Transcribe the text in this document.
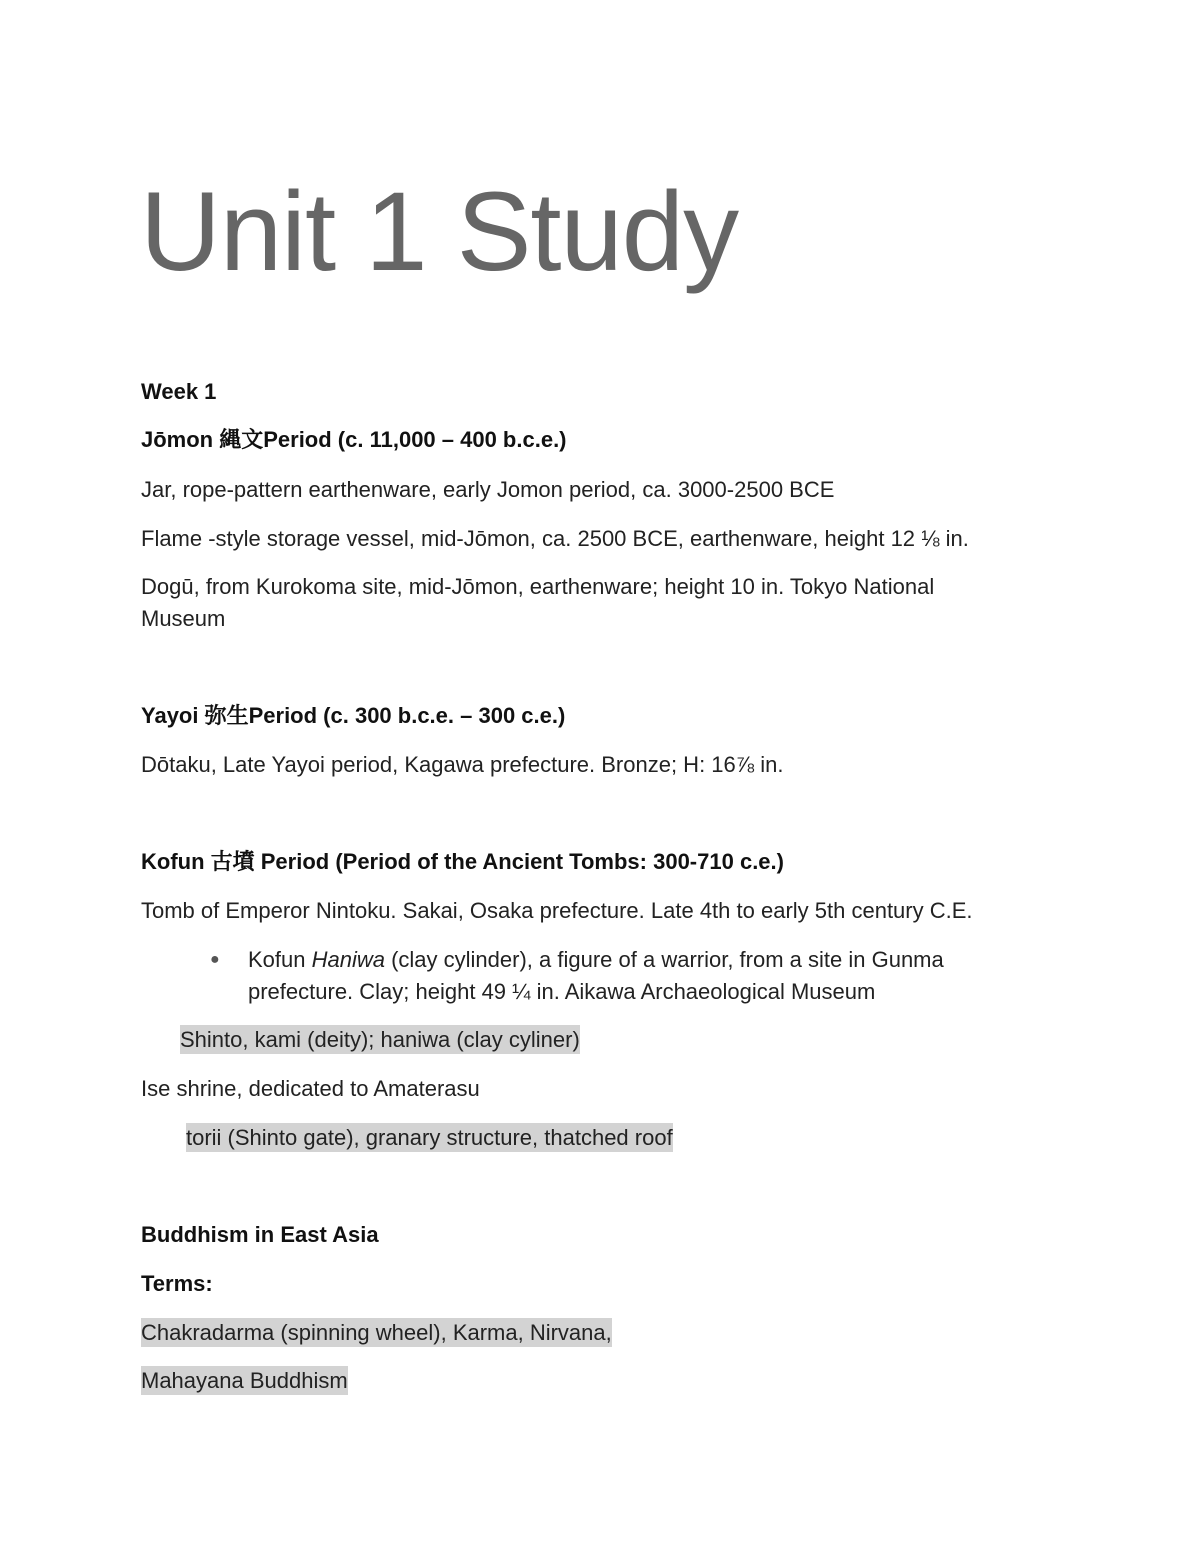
Unit 1 Study

Week 1

Jōmon 縄文Period (c. 11,000 – 400 b.c.e.)

Jar, rope-pattern earthenware, early Jomon period, ca. 3000-2500 BCE

Flame -style storage vessel, mid-Jōmon, ca. 2500 BCE, earthenware, height 12 ⅛ in.

Dogū, from Kurokoma site, mid-Jōmon, earthenware; height 10 in. Tokyo National Museum

Yayoi 弥生Period (c. 300 b.c.e. – 300 c.e.)

Dōtaku, Late Yayoi period, Kagawa prefecture. Bronze; H: 16⅞ in.

Kofun 古墳 Period (Period of the Ancient Tombs: 300-710 c.e.)

Tomb of Emperor Nintoku. Sakai, Osaka prefecture. Late 4th to early 5th century C.E.

● Kofun Haniwa (clay cylinder), a figure of a warrior, from a site in Gunma prefecture. Clay; height 49 ¼ in. Aikawa Archaeological Museum

Shinto, kami (deity); haniwa (clay cyliner)

Ise shrine, dedicated to Amaterasu

torii (Shinto gate), granary structure, thatched roof

Buddhism in East Asia

Terms:

Chakradarma (spinning wheel), Karma, Nirvana,

Mahayana Buddhism
